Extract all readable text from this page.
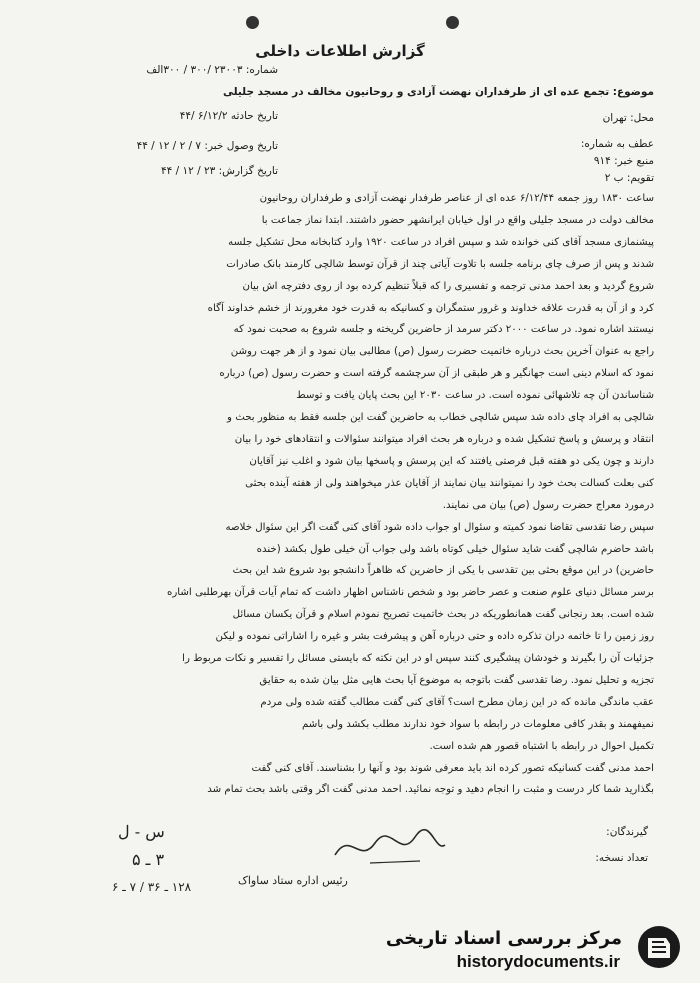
گزارش اطلاعات داخلی
موضوع: تجمع عده ای از طرفداران نهضت آزادی و روحانیون مخالف در مسجد جلیلی
محل: تهران
عطف به شماره:
منبع خبر: ۹۱۴
تقویم: ب ۲
شماره: ۲۳۰۰۳ /۳۰۰ / ۳۰۰الف
تاریخ حادثه ۶/۱۲/۲ /۴۴
تاریخ وصول خبر: ۷ / ۲ / ۱۲ / ۴۴
تاریخ گزارش: ۲۳ / ۱۲ / ۴۴

ساعت ۱۸۳۰ روز جمعه ۶/۱۲/۴۴ عده ای از عناصر طرفدار نهضت آزادی و طرفداران روحانیون

مخالف دولت در مسجد جلیلی واقع در اول خیابان ایرانشهر حضور داشتند. ابتدا نماز جماعت با

پیشنمازی مسجد آقای کنی خوانده شد و سپس افراد در ساعت ۱۹۲۰ وارد کتابخانه محل تشکیل جلسه

شدند و پس از صرف چای برنامه جلسه با تلاوت آیاتی چند از قرآن توسط شالچی کارمند بانک صادرات

شروع گردید و بعد احمد مدنی ترجمه و تفسیری را که قبلاً تنظیم کرده بود از روی دفترچه اش بیان

کرد و از آن به قدرت علاقه خداوند و غرور ستمگران و کسانیکه به قدرت خود مغرورند از خشم خداوند آگاه

نیستند اشاره نمود. در ساعت ۲۰۰۰ دکتر سرمد از حاضرین گریخته و جلسه شروع به صحبت نمود که

راجع به عنوان آخرین بحث درباره خاتمیت حضرت رسول (ص) مطالبی بیان نمود و از هر جهت روشن

نمود که اسلام دینی است جهانگیر و هر طبقی از آن سرچشمه گرفته است و حضرت رسول (ص) درباره

شناساندن آن چه تلاشهائی نموده است. در ساعت ۲۰۳۰ این بحث پایان یافت و توسط

شالچی به افراد چای داده شد سپس شالچی خطاب به حاضرین گفت این جلسه فقط به منظور بحث و

انتقاد و پرسش و پاسخ تشکیل شده و درباره هر بحث افراد میتوانند سئوالات و انتقادهای خود را بیان

دارند و چون یکی دو هفته قبل فرصتی یافتند که این پرسش و پاسخها بیان شود و اغلب نیز آقایان

کنی بعلت کسالت بحث خود را نمیتوانند بیان نمایند از آقایان عذر میخواهند ولی از هفته آینده بحثی

درمورد معراج حضرت رسول (ص) بیان می نمایند.

سپس رضا تقدسی تقاضا نمود کمیته و سئوال او جواب داده شود آقای کنی گفت اگر این سئوال خلاصه

باشد حاضرم شالچی گفت شاید سئوال خیلی کوتاه باشد ولی جواب آن خیلی طول بکشد (خنده

حاضرین) در این موقع بحثی بین تقدسی با یکی از حاضرین که ظاهراً دانشجو بود شروع شد این بحث

برسر مسائل دنیای علوم صنعت و عصر حاضر بود و شخص ناشناس اظهار داشت که تمام آیات قرآن بهرطلبی اشاره

شده است. بعد رنجانی گفت همانطوریکه در بحث خاتمیت تصریح نمودم اسلام و قرآن یکسان مسائل

روز زمین را تا خاتمه دران تذکره داده و حتی درباره آهن و پیشرفت بشر و غیره را اشاراتی نموده و لیکن

جزئیات آن را بگیرند و خودشان پیشگیری کنند سپس او در این نکته که بایستی مسائل را تفسیر و نکات مربوط را

تجزیه و تحلیل نمود. رضا تقدسی گفت باتوجه به موضوع آیا بحث هایی مثل بیان شده به حقایق

عقب ماندگی مانده که در این زمان مطرح است؟ آقای کنی گفت مطالب گفته شده ولی مردم

نمیفهمند و بقدر کافی معلومات در رابطه با سواد خود ندارند مطلب بکشد ولی باشم

تکمیل احوال در رابطه با اشتباه قصور هم شده است.

احمد مدنی گفت کسانیکه تصور کرده اند باید معرفی شوند بود و آنها را بشناسند. آقای کنی گفت

بگذارید شما کار درست و مثبت را انجام دهید و توجه نمائید. احمد مدنی گفت اگر وقتی باشد بحث تمام شد

گیرندگان:
تعداد نسخه:
س - ل
۳ ـ ۵
۱۲۸ ـ ۳۶ / ۷ ـ ۶	رئیس اداره ستاد ساواک
مرکز بررسی اسناد تاریخی
historydocuments.ir
